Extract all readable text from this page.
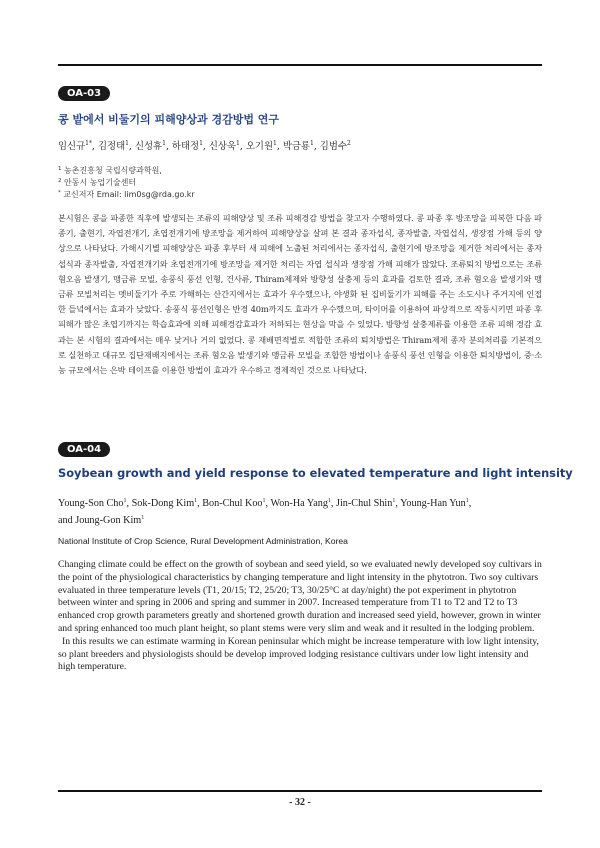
OA-03
콩 밭에서 비둘기의 피해양상과 경감방법 연구
임신규$^{1*}$, 김정태$^1$, 신성휴$^1$, 하태정$^1$, 신상욱$^1$, 오기원$^1$, 박금룡$^1$, 김범수$^2$
$^1$ 농촌진흥청 국립식량과학원,
$^2$ 안동시 농업기술센터
* 교신저자 Email: lim0sg@rda.go.kr
본시험은 콩을 파종한 직후에 발생되는 조류의 피해양상 및 조류 피해경감 방법을 찾고자 수행하였다. 콩 파종 후 방조망을 피복한 다음 파종기, 출현기, 자엽전개기, 초엽전개기에 방조망을 제거하여 피해양상을 살펴 본 결과 종자섭식, 종자발출, 자엽섭식, 생장점 가해 등의 양상으로 나타났다. 가해시기별 피해양상은 파종 후부터 새 피해에 노출된 처리에서는 종자섭식, 출현기에 방조망을 제거한 처리에서는 종자섭식과 종자발출, 자엽전개기와 초엽전개기에 방조망을 제거한 처리는 자엽 섭식과 생장점 가해 피해가 많았다. 조류퇴치 방법으로는 조류 혐오음 발생기, 맹금류 모빌, 송풍식 풍선 인형, 건사류, Thiram제제와 방향성 살충제 등의 효과를 검토한 결과, 조류 혐오음 발생기와 맹금류 모빌처리는 멧비둘기가 주로 가해하는 산간지에서는 효과가 우수했으나, 야생화 된 집비둘기가 피해를 주는 소도시나 주거지에 인접한 들녘에서는 효과가 낮았다. 송풍식 풍선인형은 반경 40m까지도 효과가 우수했으며, 타이머를 이용하여 파상적으로 작동시키면 파종 후 피해가 많은 초엽기까지는 학습효과에 의해 피해경감효과가 저하되는 현상을 막을 수 있었다. 방향성 살충제류를 이용한 조류 피해 경감 효과는 본 시험의 결과에서는 매우 낮거나 거의 없었다. 콩 재배면적별로 적합한 조류의 퇴치방법은 Thiram제제 종자 분의처리를 기본적으로 실천하고 대규모 집단재배지에서는 조류 혐오음 발생기와 맹금류 모빌을 조합한 방법이나 송풍식 풍선 인형을 이용한 퇴치방법이, 중·소농 규모에서는 은박 테이프를 이용한 방법이 효과가 우수하고 경제적인 것으로 나타났다.
OA-04
Soybean growth and yield response to elevated temperature and light intensity
Young-Son Cho$^1$, Sok-Dong Kim$^1$, Bon-Chul Koo$^1$, Won-Ha Yang$^1$, Jin-Chul Shin$^1$, Young-Han Yun$^1$,
and Joung-Gon Kim$^1$
National Institute of Crop Science, Rural Development Administration, Korea

Changing climate could be effect on the growth of soybean and seed yield, so we evaluated newly developed soy cultivars in the point of the physiological characteristics by changing temperature and light intensity in the phytotron. Two soy cultivars evaluated in three temperature levels (T1, 20/15; T2, 25/20; T3, 30/25°C at day/night) the pot experiment in phytotron between winter and spring in 2006 and spring and summer in 2007. Increased temperature from T1 to T2 and T2 to T3 enhanced crop growth parameters greatly and shortened growth duration and increased seed yield, however, grown in winter and spring enhanced too much plant height, so plant stems were very slim and weak and it resulted in the lodging problem.

In this results we can estimate warming in Korean peninsular which might be increase temperature with low light intensity, so plant breeders and physiologists should be develop improved lodging resistance cultivars under low light intensity and high temperature.

- 32 -
